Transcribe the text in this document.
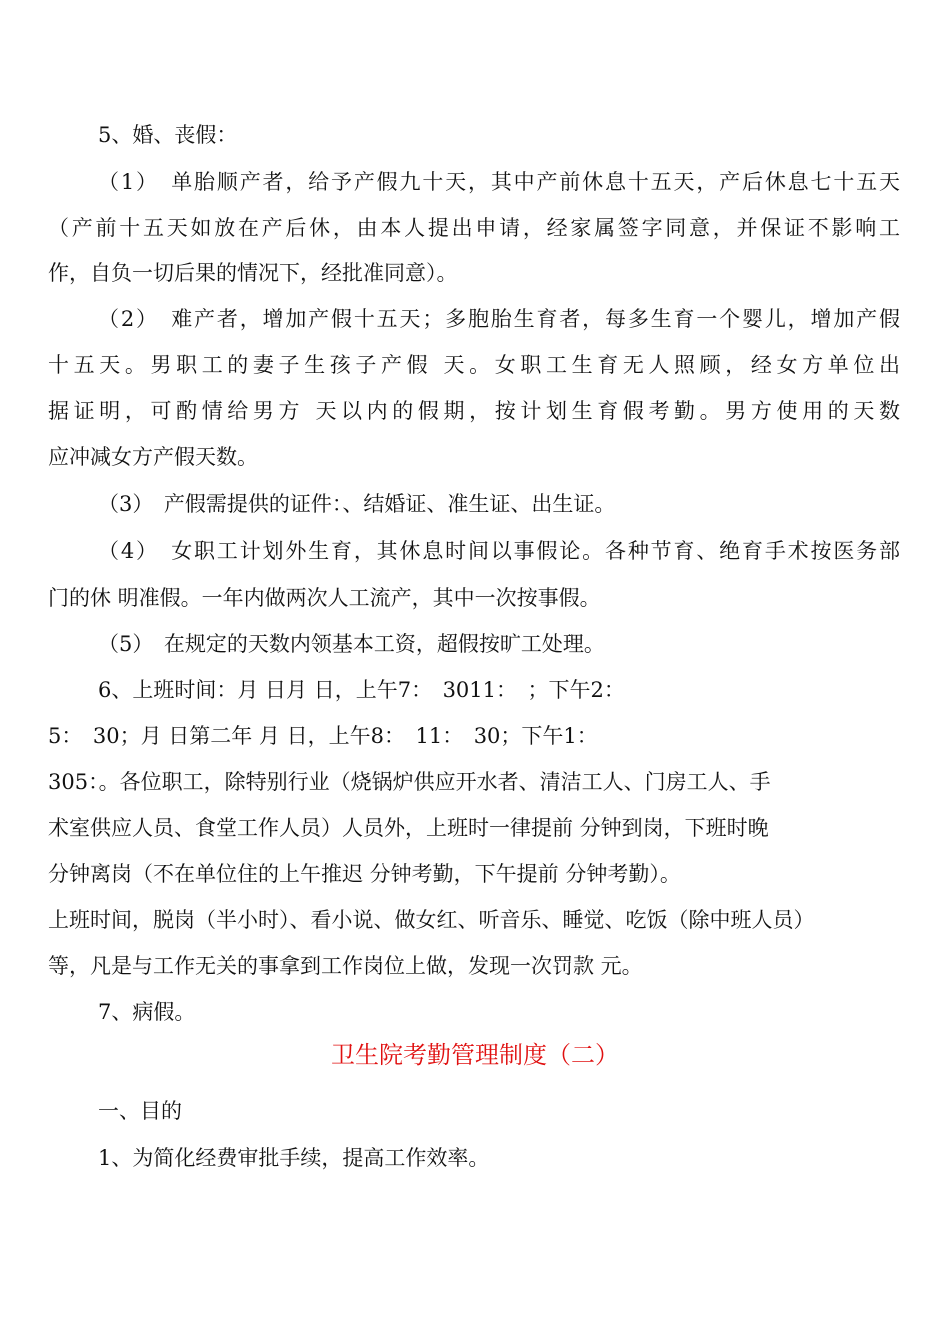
5、婚、丧假：
（1）　单胎顺产者，给予产假九十天，其中产前休息十五天，产后休息七十五天
（产前十五天如放在产后休，由本人提出申请，经家属签字同意，并保证不影响工
作，自负一切后果的情况下，经批准同意）。
（2）　难产者，增加产假十五天；多胞胎生育者，每多生育一个婴儿，增加产假
十五天。男职工的妻子生孩子产假 天。女职工生育无人照顾，经女方单位出
据证明，可酌情给男方 天以内的假期，按计划生育假考勤。男方使用的天数
应冲减女方产假天数。
（3）　产假需提供的证件：、结婚证、准生证、出生证。
（4）　女职工计划外生育，其休息时间以事假论。各种节育、绝育手术按医务部
门的休 明准假。一年内做两次人工流产，其中一次按事假。
（5）　在规定的天数内领基本工资，超假按旷工处理。
6、上班时间：月 日月 日，上午7：　3011：　；下午2：
5：　30；月 日第二年 月 日，上午8：　11：　30；下午1：
305：。各位职工，除特别行业（烧锅炉供应开水者、清洁工人、门房工人、手
术室供应人员、食堂工作人员）人员外，上班时一律提前 分钟到岗，下班时晚
分钟离岗（不在单位住的上午推迟 分钟考勤，下午提前 分钟考勤）。
上班时间，脱岗（半小时）、看小说、做女红、听音乐、睡觉、吃饭（除中班人员）
等，凡是与工作无关的事拿到工作岗位上做，发现一次罚款 元。
7、病假。
卫生院考勤管理制度（二）
一、目的
1、为简化经费审批手续，提高工作效率。
